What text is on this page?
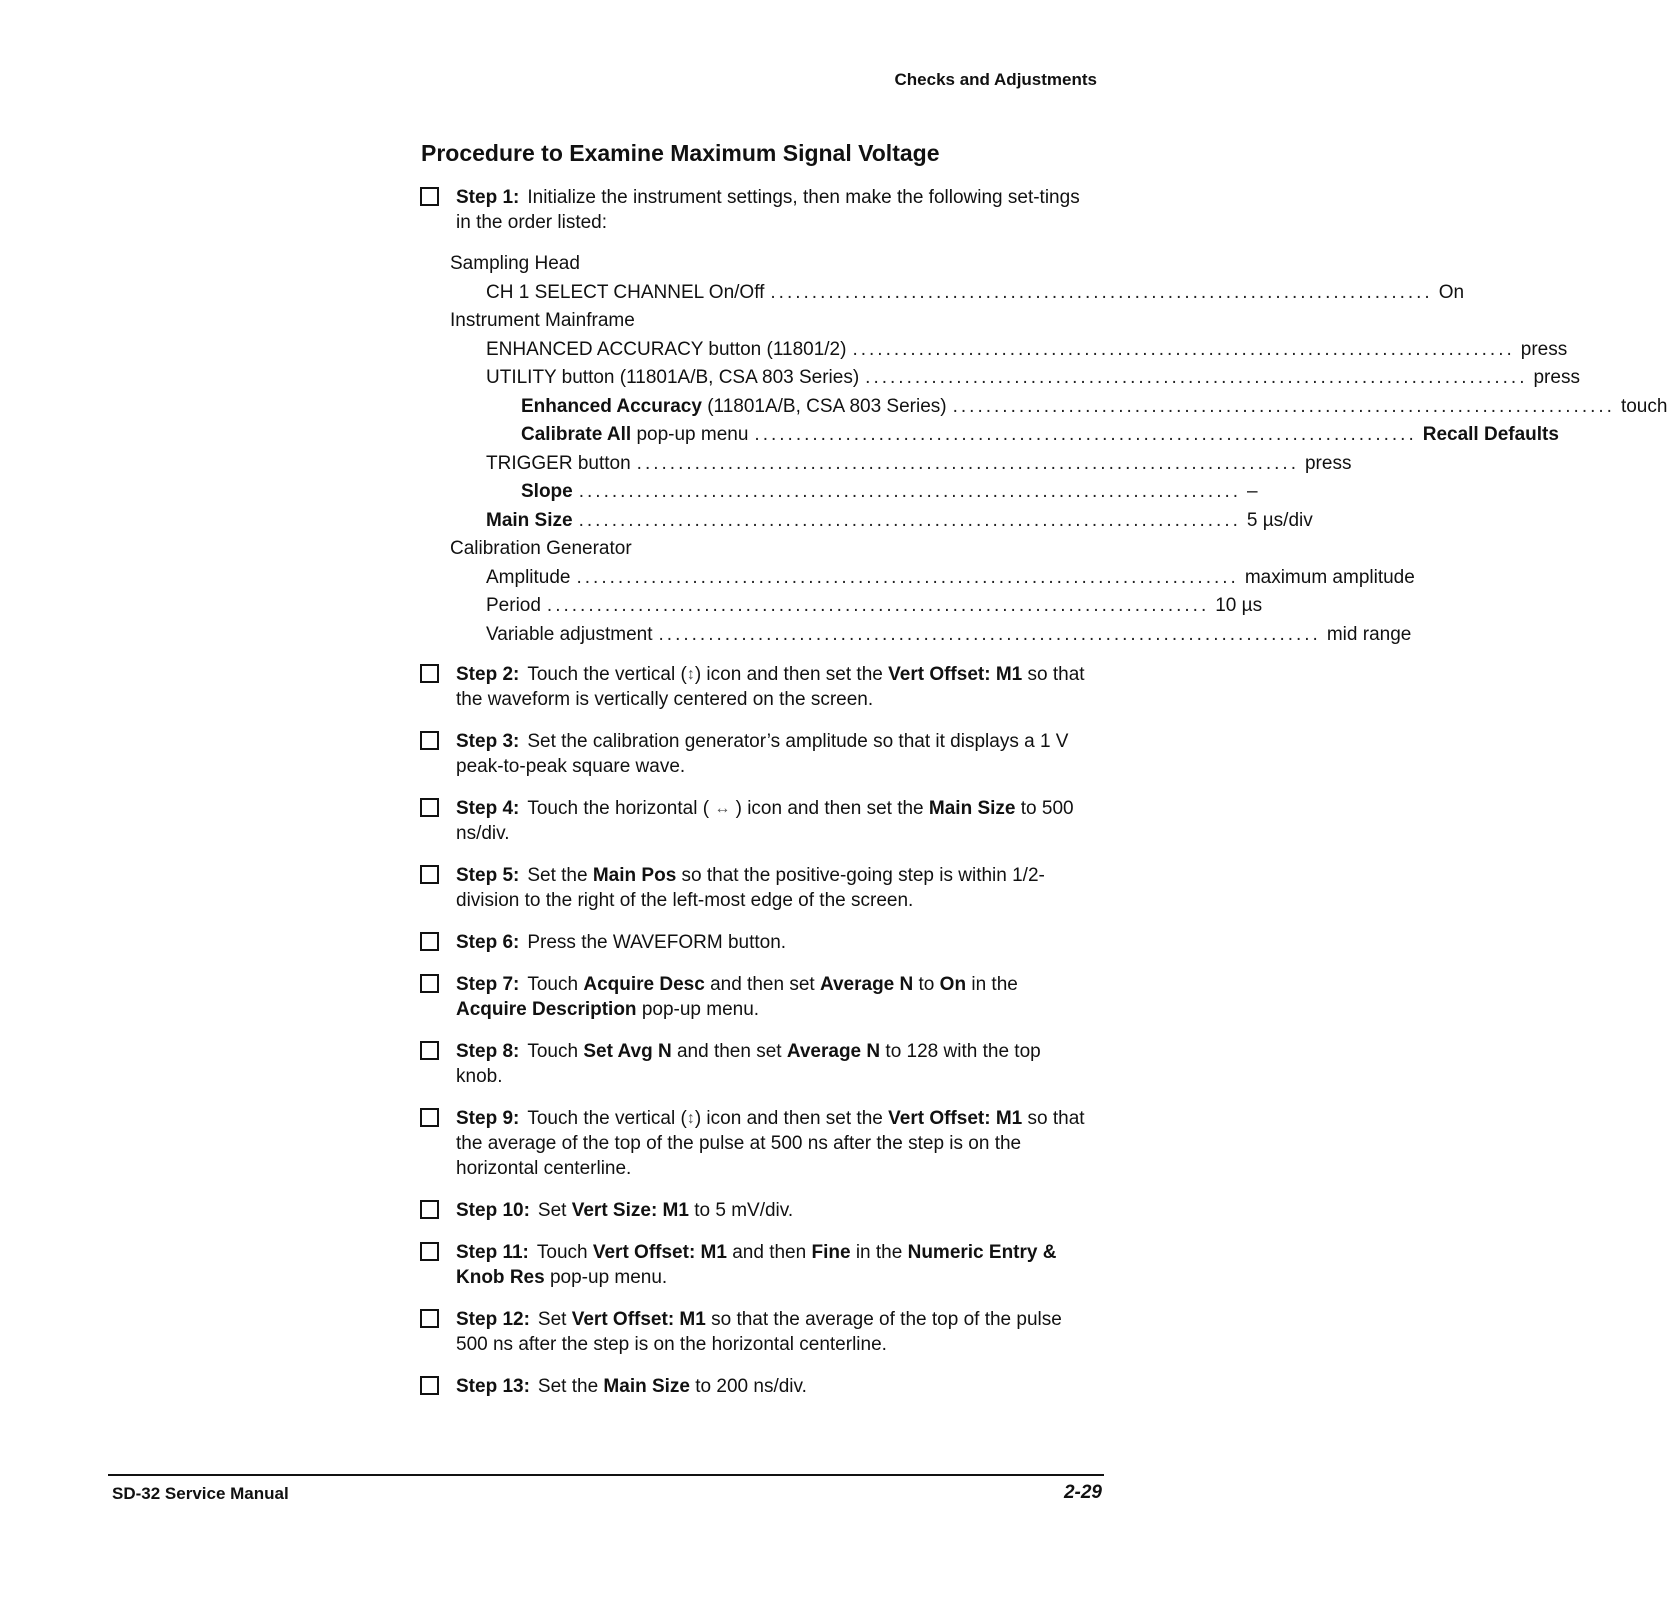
Checks and Adjustments
Procedure to Examine Maximum Signal Voltage
Step 1: Initialize the instrument settings, then make the following set-tings in the order listed:
Sampling Head
CH 1 SELECT CHANNEL On/Off ................................................................................ On
Instrument Mainframe
ENHANCED ACCURACY button (11801/2) ................................................................................ press
UTILITY button (11801A/B, CSA 803 Series) ................................................................................ press
Enhanced Accuracy (11801A/B, CSA 803 Series) ................................................................................ touch
Calibrate All pop-up menu ................................................................................ Recall Defaults
TRIGGER button ................................................................................ press
Slope ................................................................................ –
Main Size ................................................................................ 5 µs/div
Calibration Generator
Amplitude ................................................................................ maximum amplitude
Period ................................................................................ 10 µs
Variable adjustment ................................................................................ mid range
Step 2: Touch the vertical (↕) icon and then set the Vert Offset: M1 so that the waveform is vertically centered on the screen.
Step 3: Set the calibration generator’s amplitude so that it displays a 1 V peak-to-peak square wave.
Step 4: Touch the horizontal ( ↔ ) icon and then set the Main Size to 500 ns/div.
Step 5: Set the Main Pos so that the positive-going step is within 1/2-division to the right of the left-most edge of the screen.
Step 6: Press the WAVEFORM button.
Step 7: Touch Acquire Desc and then set Average N to On in the Acquire Description pop-up menu.
Step 8: Touch Set Avg N and then set Average N to 128 with the top knob.
Step 9: Touch the vertical (↕) icon and then set the Vert Offset: M1 so that the average of the top of the pulse at 500 ns after the step is on the horizontal centerline.
Step 10: Set Vert Size: M1 to 5 mV/div.
Step 11: Touch Vert Offset: M1 and then Fine in the Numeric Entry & Knob Res pop-up menu.
Step 12: Set Vert Offset: M1 so that the average of the top of the pulse 500 ns after the step is on the horizontal centerline.
Step 13: Set the Main Size to 200 ns/div.
SD-32 Service Manual	2-29
